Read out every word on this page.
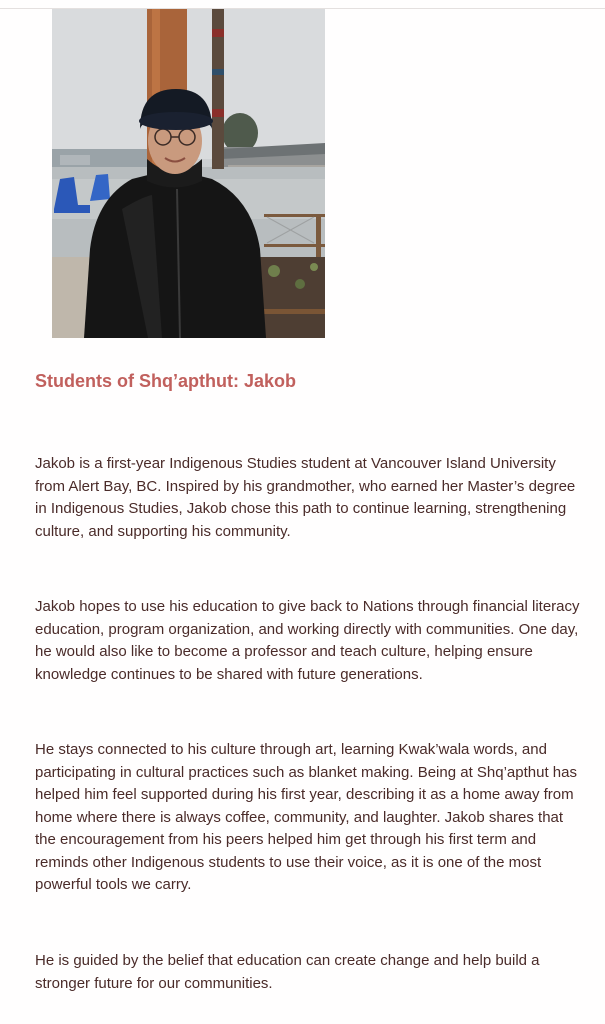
Students of Shq’apthut: Jakob

Jakob is a first-year Indigenous Studies student at Vancouver Island University from Alert Bay, BC. Inspired by his grandmother, who earned her Master’s degree in Indigenous Studies, Jakob chose this path to continue learning, strengthening culture, and supporting his community.

Jakob hopes to use his education to give back to Nations through financial literacy education, program organization, and working directly with communities. One day, he would also like to become a professor and teach culture, helping ensure knowledge continues to be shared with future generations.

He stays connected to his culture through art, learning Kwak’wala words, and participating in cultural practices such as blanket making. Being at Shq’apthut has helped him feel supported during his first year, describing it as a home away from home where there is always coffee, community, and laughter. Jakob shares that the encouragement from his peers helped him get through his first term and reminds other Indigenous students to use their voice, as it is one of the most powerful tools we carry.

He is guided by the belief that education can create change and help build a stronger future for our communities.
